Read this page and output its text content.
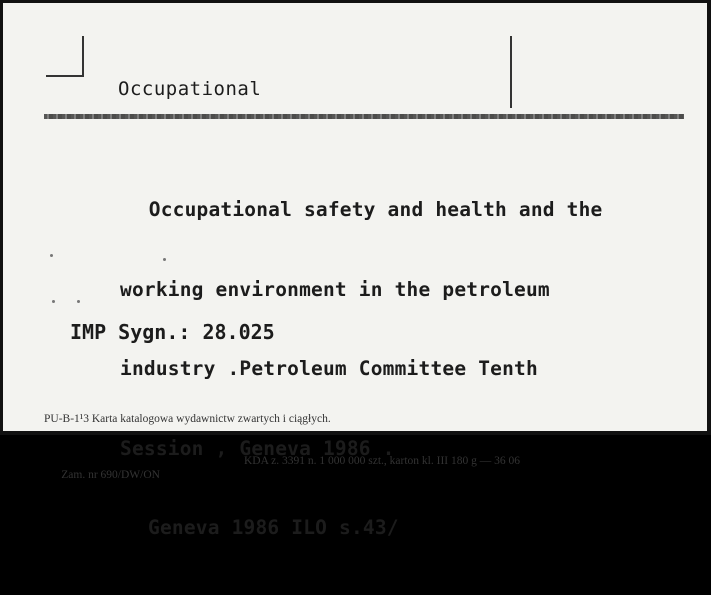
Occupational

Occupational safety and health and the

working environment in the petroleum

industry .Petroleum Committee Tenth

Session , Geneva 1986 .

Geneva 1986 ILO s.43/

IMP Sygn.: 28.025

PU-B-1¹3 Karta katalogowa wydawnictw zwartych i ciągłych.

Zam. nr 690/DW/ON

KDA z. 3391 n. 1 000 000 szt., karton kl. III 180 g — 36 06
